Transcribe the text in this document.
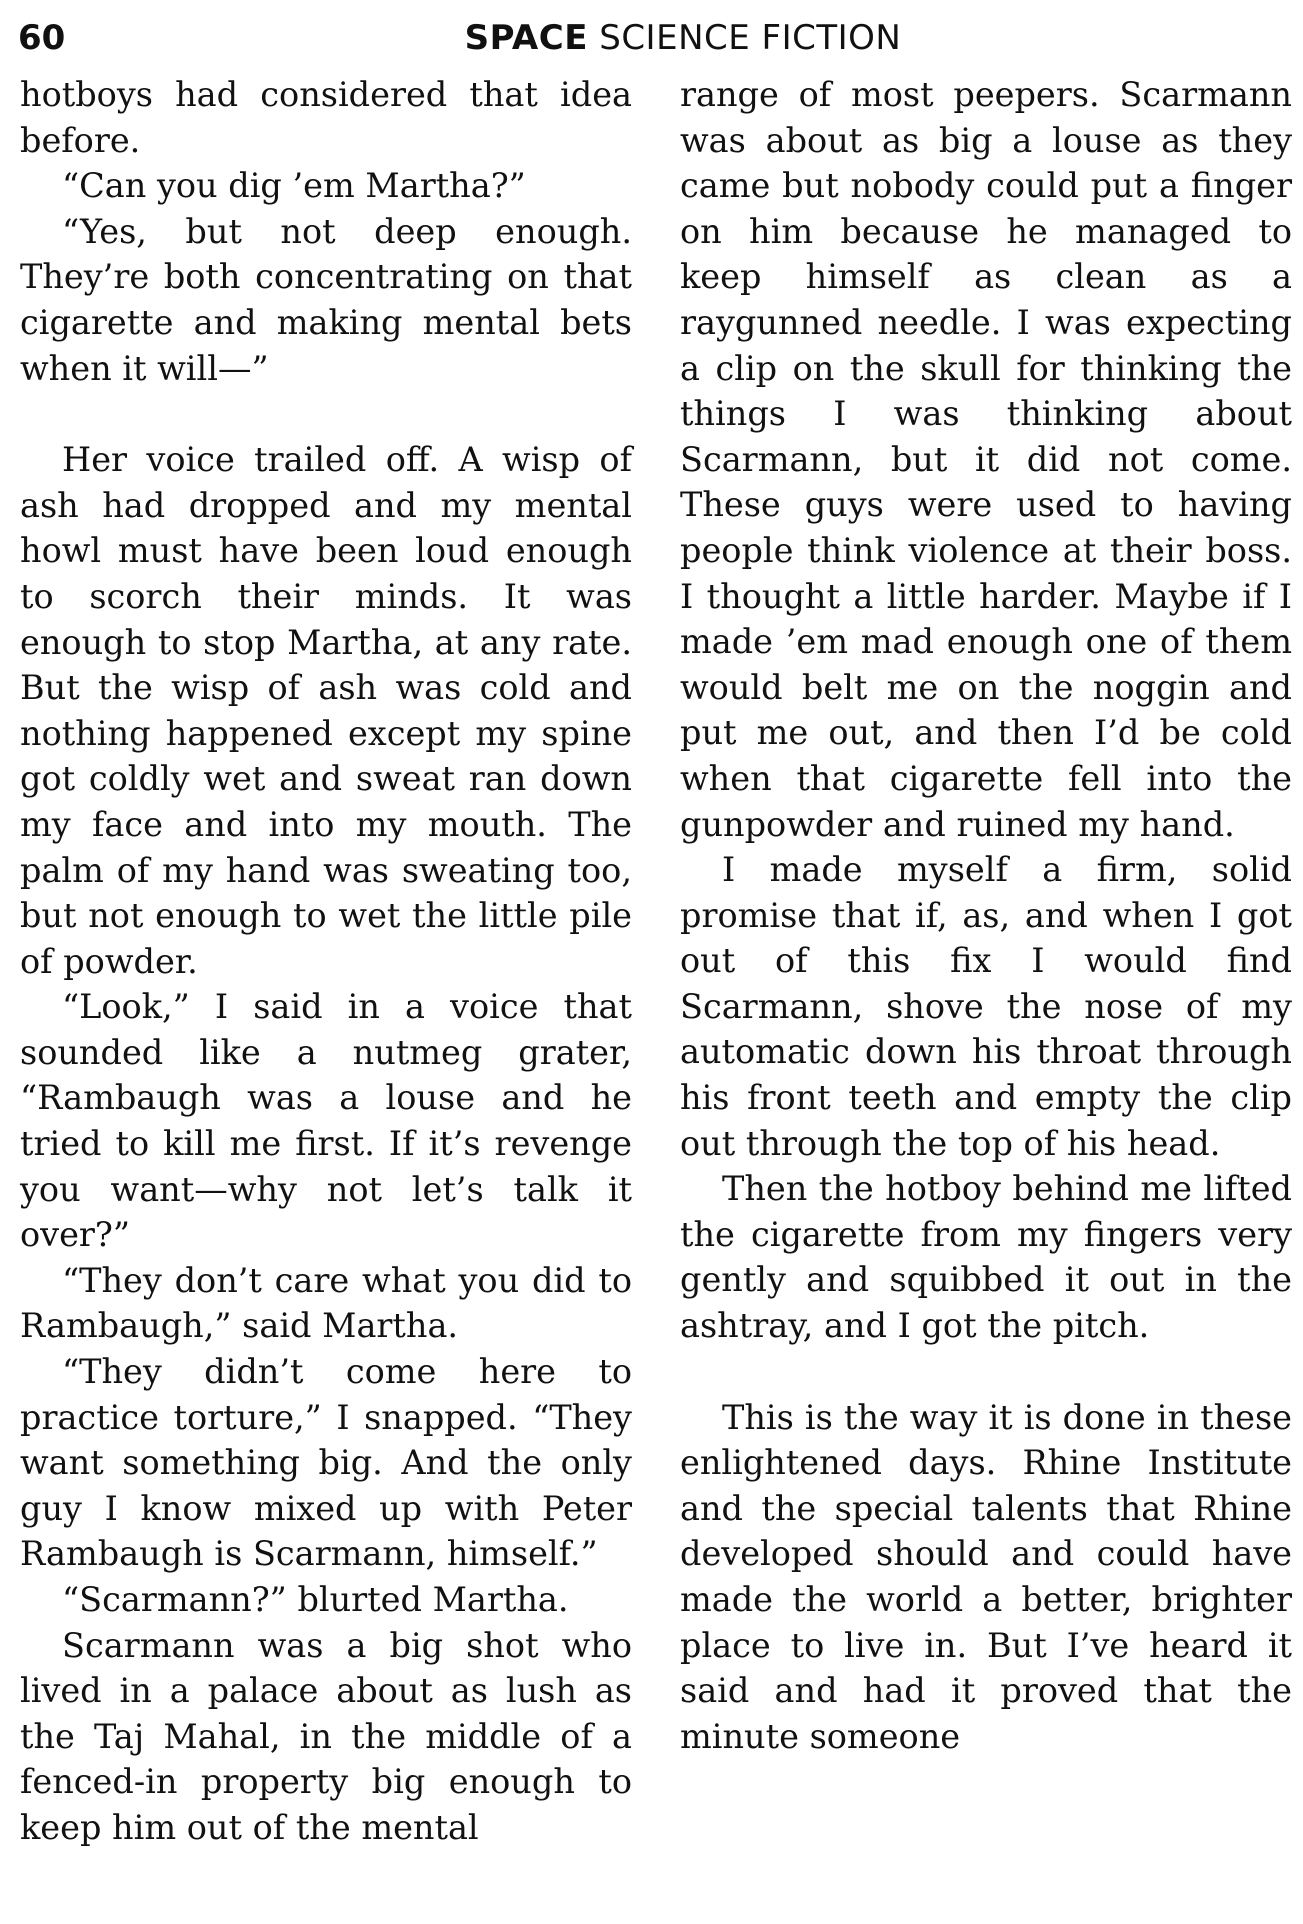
60	SPACE SCIENCE FICTION

hotboys had considered that idea before.

“Can you dig ’em Martha?”

“Yes, but not deep enough. They’re both concentrating on that cigarette and making mental bets when it will—”

Her voice trailed off. A wisp of ash had dropped and my mental howl must have been loud enough to scorch their minds. It was enough to stop Martha, at any rate. But the wisp of ash was cold and nothing happened except my spine got coldly wet and sweat ran down my face and into my mouth. The palm of my hand was sweating too, but not enough to wet the little pile of powder.

“Look,” I said in a voice that sounded like a nutmeg grater, “Rambaugh was a louse and he tried to kill me first. If it’s revenge you want—why not let’s talk it over?”

“They don’t care what you did to Rambaugh,” said Martha.

“They didn’t come here to practice torture,” I snapped. “They want something big. And the only guy I know mixed up with Peter Rambaugh is Scarmann, himself.”

“Scarmann?” blurted Martha.

Scarmann was a big shot who lived in a palace about as lush as the Taj Mahal, in the middle of a fenced-in property big enough to keep him out of the mental

range of most peepers. Scarmann was about as big a louse as they came but nobody could put a finger on him because he managed to keep himself as clean as a raygunned needle. I was expecting a clip on the skull for thinking the things I was thinking about Scarmann, but it did not come. These guys were used to having people think violence at their boss. I thought a little harder. Maybe if I made ’em mad enough one of them would belt me on the noggin and put me out, and then I’d be cold when that cigarette fell into the gunpowder and ruined my hand.

I made myself a firm, solid promise that if, as, and when I got out of this fix I would find Scarmann, shove the nose of my automatic down his throat through his front teeth and empty the clip out through the top of his head.

Then the hotboy behind me lifted the cigarette from my fingers very gently and squibbed it out in the ashtray, and I got the pitch.

This is the way it is done in these enlightened days. Rhine Institute and the special talents that Rhine developed should and could have made the world a better, brighter place to live in. But I’ve heard it said and had it proved that the minute someone
